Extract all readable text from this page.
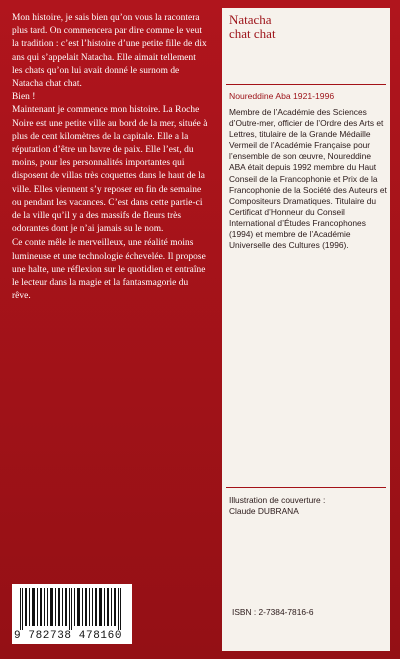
Mon histoire, je sais bien qu’on vous la racontera plus tard. On commencera par dire comme le veut la tradition : c’est l’histoire d’une petite fille de dix ans qui s’appelait Natacha. Elle aimait tellement les chats qu’on lui avait donné le surnom de Natacha chat chat.

Bien !

Maintenant je commence mon histoire. La Roche Noire est une petite ville au bord de la mer, située à plus de cent kilomètres de la capitale. Elle a la réputation d’être un havre de paix. Elle l’est, du moins, pour les personnalités importantes qui disposent de villas très coquettes dans le haut de la ville. Elles viennent s’y reposer en fin de semaine ou pendant les vacances. C’est dans cette partie-ci de la ville qu’il y a des massifs de fleurs très odorantes dont je n’ai jamais su le nom.

Ce conte mêle le merveilleux, une réalité moins lumineuse et une technologie échevelée. Il propose une halte, une réflexion sur le quotidien et entraîne le lecteur dans la magie et la fantasmagorie du rêve.

Natacha
chat chat
Noureddine Aba 1921-1996
Membre de l’Académie des Sciences d’Outre-mer, officier de l’Ordre des Arts et Lettres, titulaire de la Grande Médaille Vermeil de l’Académie Française pour l’ensemble de son œuvre, Noureddine ABA était depuis 1992 membre du Haut Conseil de la Francophonie et Prix de la Francophonie de la Société des Auteurs et Compositeurs Dramatiques. Titulaire du Certificat d’Honneur du Conseil International d’Études Francophones (1994) et membre de l’Académie Universelle des Cultures (1996).
Illustration de couverture :
Claude DUBRANA
ISBN : 2-7384-7816-6
9 782738 478160
